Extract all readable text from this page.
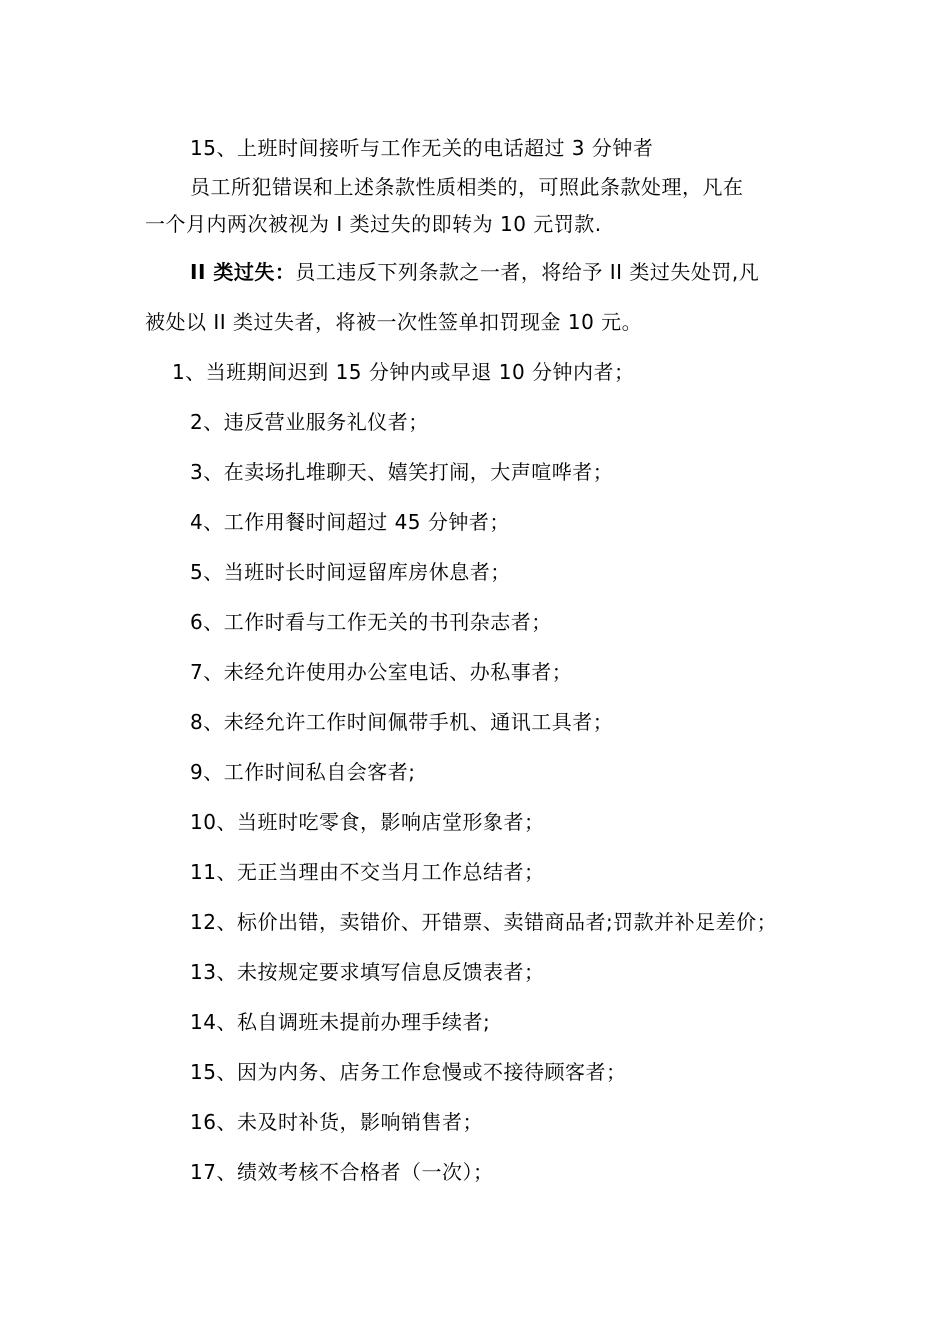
15、上班时间接听与工作无关的电话超过 3 分钟者
员工所犯错误和上述条款性质相类的，可照此条款处理，凡在
一个月内两次被视为 I 类过失的即转为 10 元罚款.
II 类过失：员工违反下列条款之一者，将给予 II 类过失处罚,凡
被处以 II 类过失者，将被一次性签单扣罚现金 10 元。
1、当班期间迟到 15 分钟内或早退 10 分钟内者；
2、违反营业服务礼仪者；
3、在卖场扎堆聊天、嬉笑打闹，大声喧哗者；
4、工作用餐时间超过 45 分钟者；
5、当班时长时间逗留库房休息者；
6、工作时看与工作无关的书刊杂志者；
7、未经允许使用办公室电话、办私事者；
8、未经允许工作时间佩带手机、通讯工具者；
9、工作时间私自会客者;
10、当班时吃零食，影响店堂形象者；
11、无正当理由不交当月工作总结者；
12、标价出错，卖错价、开错票、卖错商品者;罚款并补足差价；
13、未按规定要求填写信息反馈表者；
14、私自调班未提前办理手续者;
15、因为内务、店务工作怠慢或不接待顾客者；
16、未及时补货，影响销售者；
17、绩效考核不合格者（一次）；
